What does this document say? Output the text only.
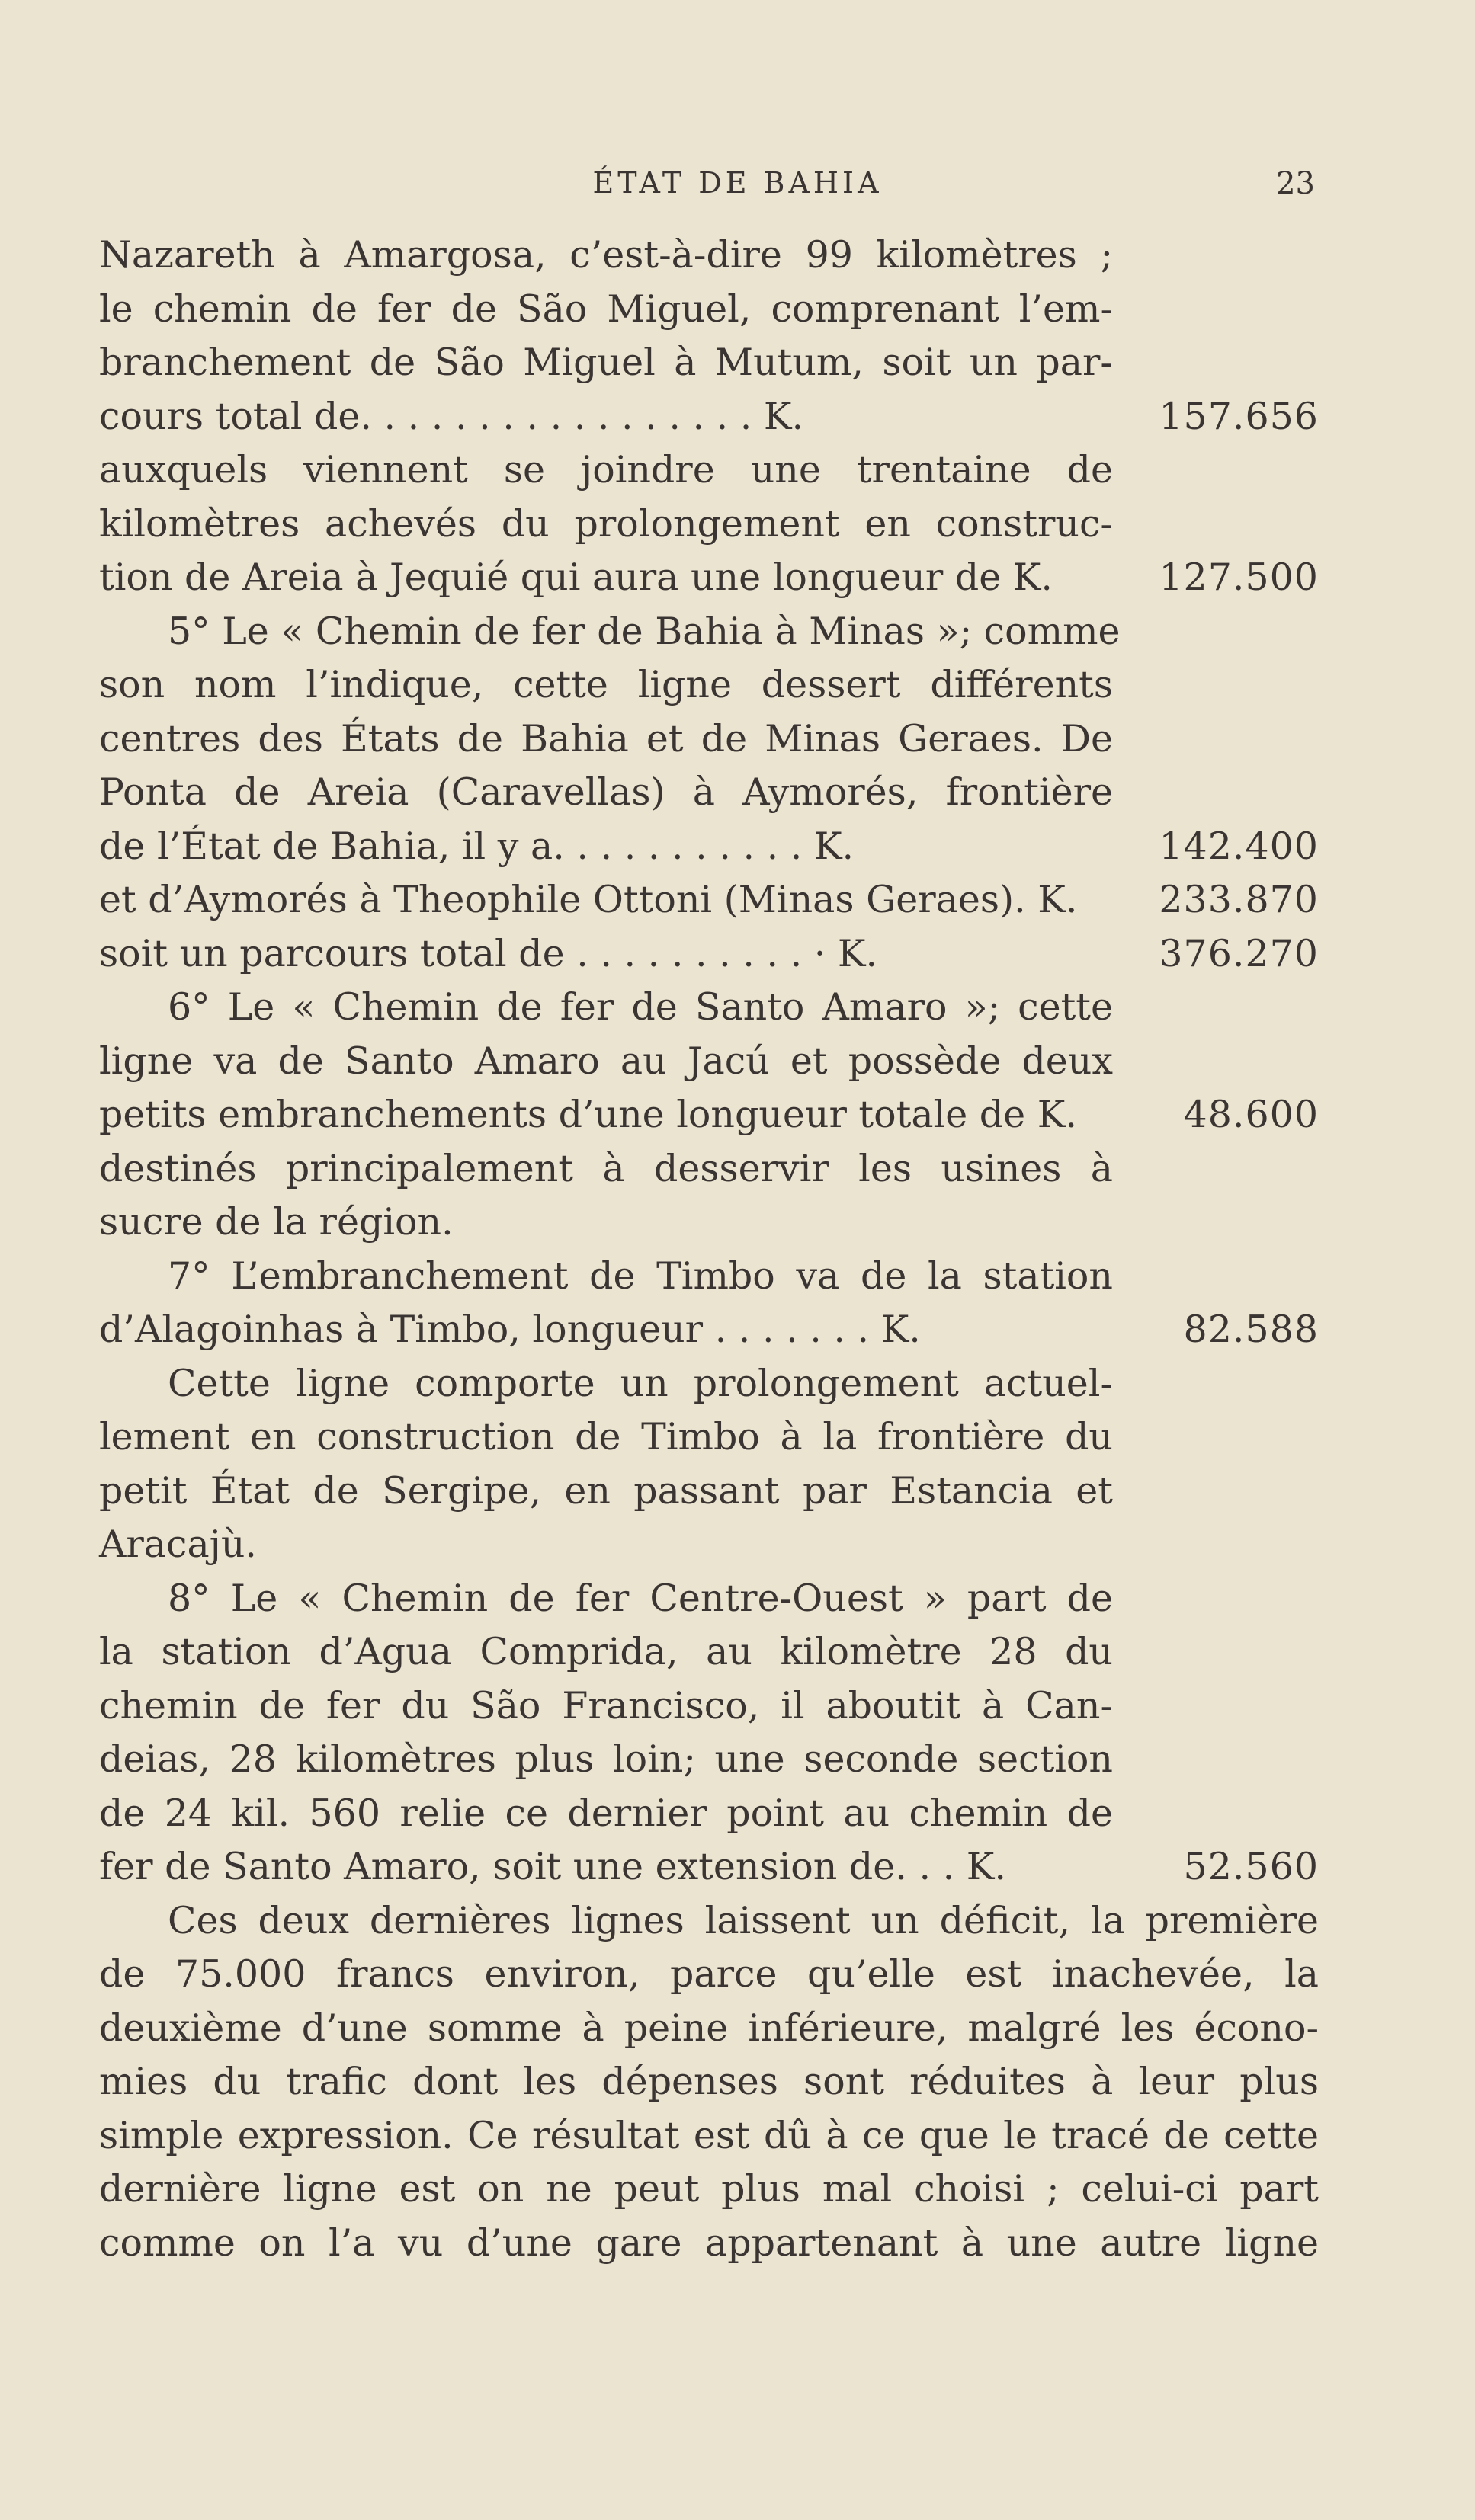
ÉTAT DE BAHIA	23
Nazareth à Amargosa, c’est-à-dire 99 kilomètres ;
le chemin de fer de São Miguel, comprenant l’em-
branchement de São Miguel à Mutum, soit un par-
cours total de. . . . . . . . . . . . . . . . . K.	157.656
auxquels viennent se joindre une trentaine de
kilomètres achevés du prolongement en construc-
tion de Areia à Jequié qui aura une longueur de K.	127.500
5° Le « Chemin de fer de Bahia à Minas »; comme
son nom l’indique, cette ligne dessert différents
centres des États de Bahia et de Minas Geraes. De
Ponta de Areia (Caravellas) à Aymorés, frontière
de l’État de Bahia, il y a. . . . . . . . . . . K.	142.400
et d’Aymorés à Theophile Ottoni (Minas Geraes). K.	233.870
soit un parcours total de . . . . . . . . . . · K.	376.270
6° Le « Chemin de fer de Santo Amaro »; cette
ligne va de Santo Amaro au Jacú et possède deux
petits embranchements d’une longueur totale de K.	48.600
destinés principalement à desservir les usines à
sucre de la région.
7° L’embranchement de Timbo va de la station
d’Alagoinhas à Timbo, longueur . . . . . . . K.	82.588
Cette ligne comporte un prolongement actuel-
lement en construction de Timbo à la frontière du
petit État de Sergipe, en passant par Estancia et
Aracajù.
8° Le « Chemin de fer Centre-Ouest » part de
la station d’Agua Comprida, au kilomètre 28 du
chemin de fer du São Francisco, il aboutit à Can-
deias, 28 kilomètres plus loin; une seconde section
de 24 kil. 560 relie ce dernier point au chemin de
fer de Santo Amaro, soit une extension de. . . K.	52.560
Ces deux dernières lignes laissent un déficit, la première
de 75.000 francs environ, parce qu’elle est inachevée, la
deuxième d’une somme à peine inférieure, malgré les écono-
mies du trafic dont les dépenses sont réduites à leur plus
simple expression. Ce résultat est dû à ce que le tracé de cette
dernière ligne est on ne peut plus mal choisi ; celui-ci part
comme on l’a vu d’une gare appartenant à une autre ligne
